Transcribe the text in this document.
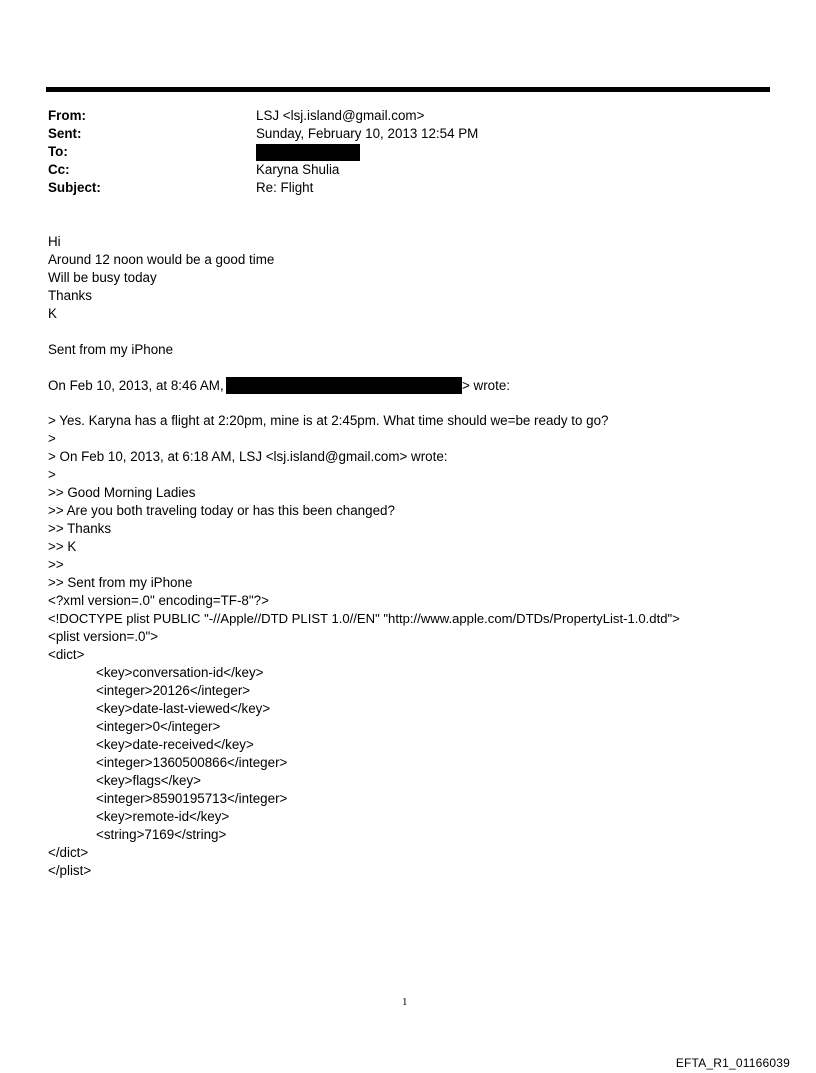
From:	LSJ <lsj.island@gmail.com>
Sent:	Sunday, February 10, 2013 12:54 PM
To:
Cc:	Karyna Shulia
Subject:	Re: Flight
Hi
Around 12 noon would be a good time
Will be busy today
Thanks
K
Sent from my iPhone
On Feb 10, 2013, at 8:46 AM,	> wrote:
> Yes. Karyna has a flight at 2:20pm, mine is at 2:45pm. What time should we=be ready to go?
>
> On Feb 10, 2013, at 6:18 AM, LSJ <lsj.island@gmail.com> wrote:
>
>> Good Morning Ladies
>> Are you both traveling today or has this been changed?
>> Thanks
>> K
>>
>> Sent from my iPhone
<?xml version=.0" encoding=TF-8"?>
<!DOCTYPE plist PUBLIC "-//Apple//DTD PLIST 1.0//EN" "http://www.apple.com/DTDs/PropertyList-1.0.dtd">
<plist version=.0">
<dict>
<key>conversation-id</key>
<integer>20126</integer>
<key>date-last-viewed</key>
<integer>0</integer>
<key>date-received</key>
<integer>1360500866</integer>
<key>flags</key>
<integer>8590195713</integer>
<key>remote-id</key>
<string>7169</string>
</dict>
</plist>
1
EFTA_R1_01166039
